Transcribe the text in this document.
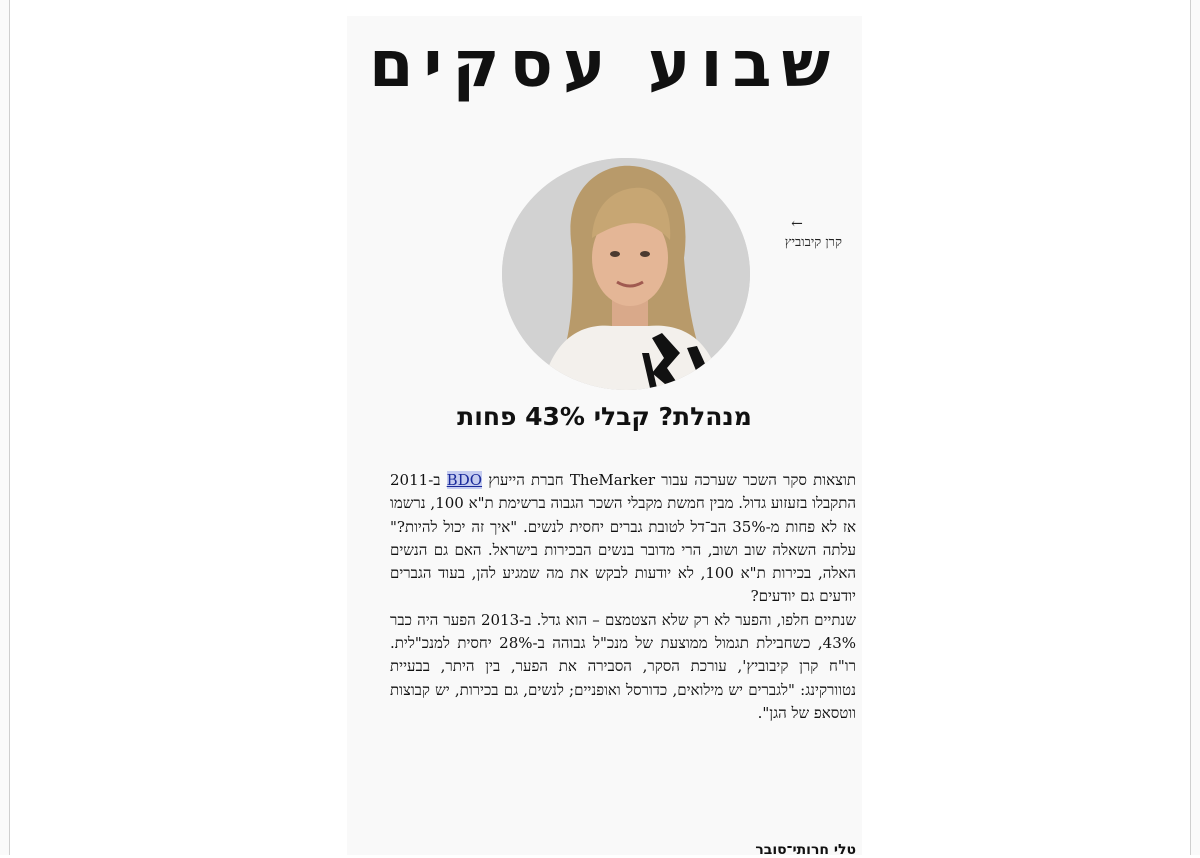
שבוע עסקים
←
קרן קיבוביץ
מנהלת? קבלי 43% פחות

תוצאות סקר השכר שערכה עבור TheMarker חברת הייעוץ BDO ב-2011 התקבלו בזעזוע גדול. מבין חמשת מקבלי השכר הגבוה ברשימת ת"א 100, נרשמו אז לא פחות מ-35% הב־דל לטובת גברים יחסית לנשים. "איך זה יכול להיות?" עלתה השאלה שוב ושוב, הרי מדובר בנשים הבכירות בישראל. האם גם הנשים האלה, בכירות ת"א 100, לא יודעות לבקש את מה שמגיע להן, בעוד הגברים יודעים גם יודעים?

שנתיים חלפו, והפער לא רק שלא הצטמצם – הוא גדל. ב-2013 הפער היה כבר 43%, כשחבילת תגמול ממוצעת של מנכ"ל גבוהה ב-28% יחסית למנכ"לית. רו"ח קרן קיבוביץ', עורכת הסקר, הסבירה את הפער, בין היתר, בבעיית נטוורקינג: "לגברים יש מילואים, כדורסל ואופניים; לנשים, גם בכירות, יש קבוצות ווטסאפ של הגן".

טלי חרותי־סובר
